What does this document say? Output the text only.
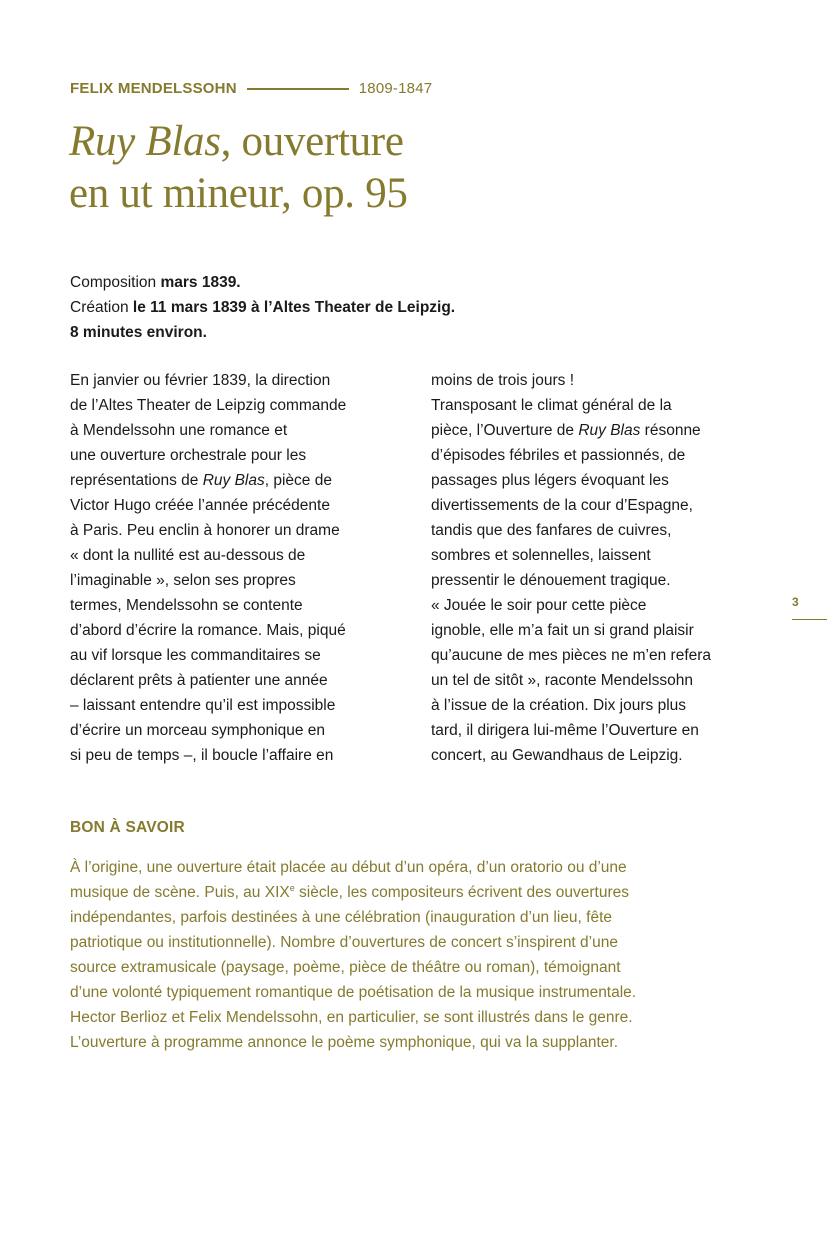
FELIX MENDELSSOHN	1809-1847
Ruy Blas, ouverture
en ut mineur, op. 95
Composition mars 1839.
Création le 11 mars 1839 à l’Altes Theater de Leipzig.
8 minutes environ.
En janvier ou février 1839, la direction
de l’Altes Theater de Leipzig commande
à Mendelssohn une romance et
une ouverture orchestrale pour les
représentations de Ruy Blas, pièce de
Victor Hugo créée l’année précédente
à Paris. Peu enclin à honorer un drame
« dont la nullité est au-dessous de
l’imaginable », selon ses propres
termes, Mendelssohn se contente
d’abord d’écrire la romance. Mais, piqué
au vif lorsque les commanditaires se
déclarent prêts à patienter une année
– laissant entendre qu’il est impossible
d’écrire un morceau symphonique en
si peu de temps –, il boucle l’affaire en
moins de trois jours !
Transposant le climat général de la
pièce, l’Ouverture de Ruy Blas résonne
d’épisodes fébriles et passionnés, de
passages plus légers évoquant les
divertissements de la cour d’Espagne,
tandis que des fanfares de cuivres,
sombres et solennelles, laissent
pressentir le dénouement tragique.
« Jouée le soir pour cette pièce
ignoble, elle m’a fait un si grand plaisir
qu’aucune de mes pièces ne m’en refera
un tel de sitôt », raconte Mendelssohn
à l’issue de la création. Dix jours plus
tard, il dirigera lui-même l’Ouverture en
concert, au Gewandhaus de Leipzig.
3
BON À SAVOIR
À l’origine, une ouverture était placée au début d’un opéra, d’un oratorio ou d’une
musique de scène. Puis, au XIXe siècle, les compositeurs écrivent des ouvertures
indépendantes, parfois destinées à une célébration (inauguration d’un lieu, fête
patriotique ou institutionnelle). Nombre d’ouvertures de concert s’inspirent d’une
source extramusicale (paysage, poème, pièce de théâtre ou roman), témoignant
d’une volonté typiquement romantique de poétisation de la musique instrumentale.
Hector Berlioz et Felix Mendelssohn, en particulier, se sont illustrés dans le genre.
L’ouverture à programme annonce le poème symphonique, qui va la supplanter.
